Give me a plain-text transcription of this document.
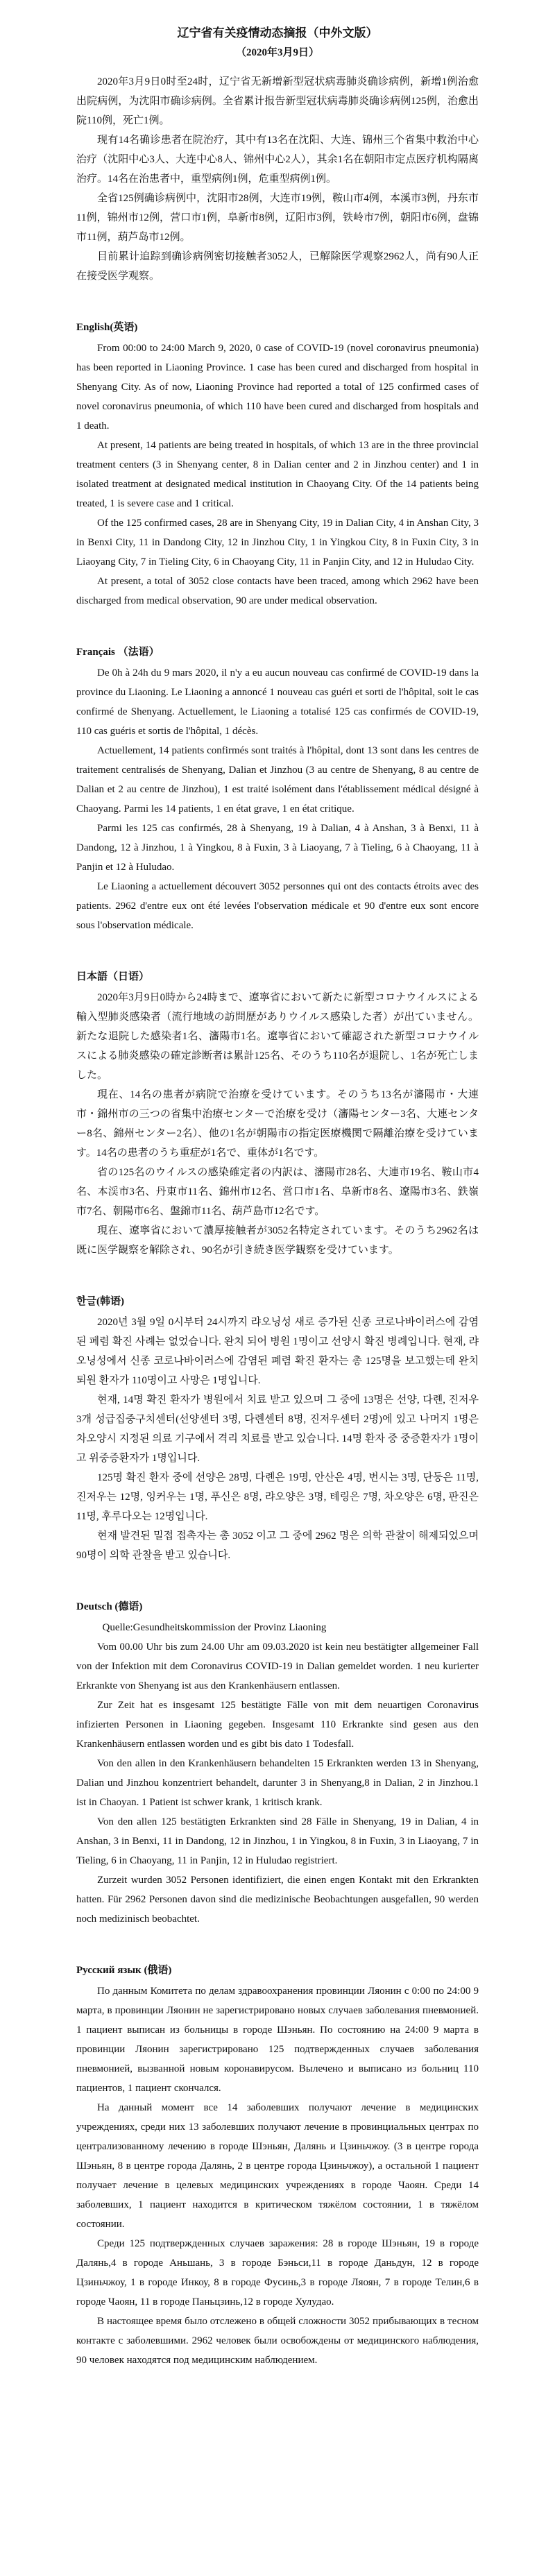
辽宁省有关疫情动态摘报（中外文版）
（2020年3月9日）

2020年3月9日0时至24时，辽宁省无新增新型冠状病毒肺炎确诊病例，新增1例治愈出院病例，为沈阳市确诊病例。全省累计报告新型冠状病毒肺炎确诊病例125例，治愈出院110例，死亡1例。

现有14名确诊患者在院治疗，其中有13名在沈阳、大连、锦州三个省集中救治中心治疗（沈阳中心3人、大连中心8人、锦州中心2人），其余1名在朝阳市定点医疗机构隔离治疗。14名在治患者中，重型病例1例，危重型病例1例。

全省125例确诊病例中，沈阳市28例，大连市19例，鞍山市4例，本溪市3例，丹东市11例，锦州市12例，营口市1例，阜新市8例，辽阳市3例，铁岭市7例，朝阳市6例，盘锦市11例，葫芦岛市12例。

目前累计追踪到确诊病例密切接触者3052人，已解除医学观察2962人，尚有90人正在接受医学观察。

English(英语)

From 00:00 to 24:00 March 9, 2020, 0 case of COVID-19 (novel coronavirus pneumonia) has been reported in Liaoning Province. 1 case has been cured and discharged from hospital in Shenyang City. As of now, Liaoning Province had reported a total of 125 confirmed cases of novel coronavirus pneumonia, of which 110 have been cured and discharged from hospitals and 1 death.

At present, 14 patients are being treated in hospitals, of which 13 are in the three provincial treatment centers (3 in Shenyang center, 8 in Dalian center and 2 in Jinzhou center) and 1 in isolated treatment at designated medical institution in Chaoyang City. Of the 14 patients being treated, 1 is severe case and 1 critical.

Of the 125 confirmed cases, 28 are in Shenyang City, 19 in Dalian City, 4 in Anshan City, 3 in Benxi City, 11 in Dandong City, 12 in Jinzhou City, 1 in Yingkou City, 8 in Fuxin City, 3 in Liaoyang City, 7 in Tieling City, 6 in Chaoyang City, 11 in Panjin City, and 12 in Huludao City.

At present, a total of 3052 close contacts have been traced, among which 2962 have been discharged from medical observation, 90 are under medical observation.

Français （法语）

De 0h à 24h du 9 mars 2020, il n'y a eu aucun nouveau cas confirmé de COVID-19 dans la province du Liaoning. Le Liaoning a annoncé 1 nouveau cas guéri et sorti de l'hôpital, soit le cas confirmé de Shenyang. Actuellement, le Liaoning a totalisé 125 cas confirmés de COVID-19, 110 cas guéris et sortis de l'hôpital, 1 décès.

Actuellement, 14 patients confirmés sont traités à l'hôpital, dont 13 sont dans les centres de traitement centralisés de Shenyang, Dalian et Jinzhou (3 au centre de Shenyang, 8 au centre de Dalian et 2 au centre de Jinzhou), 1 est traité isolément dans l'établissement médical désigné à Chaoyang. Parmi les 14 patients, 1 en état grave, 1 en état critique.

Parmi les 125 cas confirmés, 28 à Shenyang, 19 à Dalian, 4 à Anshan, 3 à Benxi, 11 à Dandong, 12 à Jinzhou, 1 à Yingkou, 8 à Fuxin, 3 à Liaoyang, 7 à Tieling, 6 à Chaoyang, 11 à Panjin et 12 à Huludao.

Le Liaoning a actuellement découvert 3052 personnes qui ont des contacts étroits avec des patients. 2962 d'entre eux ont été levées l'observation médicale et 90 d'entre eux sont encore sous l'observation médicale.

日本語（日语）

2020年3月9日0時から24時まで、遼寧省において新たに新型コロナウイルスによる輸入型肺炎感染者（流行地域の訪問歴がありウイルス感染した者）が出ていません。新たな退院した感染者1名、瀋陽市1名。遼寧省において確認された新型コロナウイルスによる肺炎感染の確定診断者は累計125名、そのうち110名が退院し、1名が死亡しました。

現在、14名の患者が病院で治療を受けています。そのうち13名が瀋陽市・大連市・錦州市の三つの省集中治療センターで治療を受け（瀋陽センター3名、大連センター8名、錦州センター2名）、他の1名が朝陽市の指定医療機関で隔離治療を受けています。14名の患者のうち重症が1名で、重体が1名です。

省の125名のウイルスの感染確定者の内訳は、瀋陽市28名、大連市19名、鞍山市4名、本渓市3名、丹東市11名、錦州市12名、営口市1名、阜新市8名、遼陽市3名、鉄嶺市7名、朝陽市6名、盤錦市11名、葫芦島市12名です。

現在、遼寧省において濃厚接触者が3052名特定されています。そのうち2962名は既に医学観察を解除され、90名が引き続き医学観察を受けています。

한글(韩语)

2020년 3월 9일 0시부터 24시까지 랴오닝성 새로 증가된 신종 코로나바이러스에 감염된 폐렴 확진 사례는 없었습니다. 완치 되어 병원 1명이고 선양시 확진 병례입니다. 현재, 랴오닝성에서 신종 코로나바이러스에 감염된 폐렴 확진 환자는 총 125명을 보고했는데 완치 퇴원 환자가 110명이고 사망은 1명입니다.

현재, 14명 확진 환자가 병원에서 치료 받고 있으며 그 중에 13명은 선양, 다롄, 진저우 3개 성급집중구치센터(선양센터 3명, 다롄센터 8명, 진저우센터 2명)에 있고 나머지 1명은 차오양시 지정된 의료 기구에서 격리 치료를 받고 있습니다. 14명 환자 중 중증환자가 1명이고 위중증환자가 1명입니다.

125명 확진 환자 중에 선양은 28명, 다롄은 19명, 안산은 4명, 번시는 3명, 단둥은 11명, 진저우는 12명, 잉커우는 1명, 푸신은 8명, 랴오양은 3명, 톄링은 7명, 차오양은 6명, 판진은 11명, 후루다오는 12명입니다.

현재 발견된 밀접 접촉자는 총 3052 이고 그 중에 2962 명은 의학 관찰이 해제되었으며 90명이 의학 관찰을 받고 있습니다.

Deutsch (德语)
Quelle:Gesundheitskommission der Provinz Liaoning

Vom 00.00 Uhr bis zum 24.00 Uhr am 09.03.2020 ist kein neu bestätigter allgemeiner Fall von der Infektion mit dem Coronavirus COVID-19 in Dalian gemeldet worden. 1 neu kurierter Erkrankte von Shenyang ist aus den Krankenhäusern entlassen.

Zur Zeit hat es insgesamt 125 bestätigte Fälle von mit dem neuartigen Coronavirus infizierten Personen in Liaoning gegeben. Insgesamt 110 Erkrankte sind gesen aus den Krankenhäusern entlassen worden und es gibt bis dato 1 Todesfall.

Von den allen in den Krankenhäusern behandelten 15 Erkrankten werden 13 in Shenyang, Dalian und Jinzhou konzentriert behandelt, darunter 3 in Shenyang,8 in Dalian, 2 in Jinzhou.1 ist in Chaoyan. 1 Patient ist schwer krank, 1 kritisch krank.

Von den allen 125 bestätigten Erkrankten sind 28 Fälle in Shenyang, 19 in Dalian, 4 in Anshan, 3 in Benxi, 11 in Dandong, 12 in Jinzhou, 1 in Yingkou, 8 in Fuxin, 3 in Liaoyang, 7 in Tieling, 6 in Chaoyang, 11 in Panjin, 12 in Huludao registriert.

Zurzeit wurden 3052 Personen identifiziert, die einen engen Kontakt mit den Erkrankten hatten. Für 2962 Personen davon sind die medizinische Beobachtungen ausgefallen, 90 werden noch medizinisch beobachtet.

Русский язык (俄语)

По данным Комитета по делам здравоохранения провинции Ляонин с 0:00 по 24:00 9 марта, в провинции Ляонин не зарегистрировано новых случаев заболевания пневмонией. 1 пациент выписан из больницы в городе Шэньян. По состоянию на 24:00 9 марта в провинции Ляонин зарегистрировано 125 подтвержденных случаев заболевания пневмонией, вызванной новым коронавирусом. Вылечено и выписано из больниц 110 пациентов, 1 пациент скончался.

На данный момент все 14 заболевших получают лечение в медицинских учреждениях, среди них 13 заболевших получают лечение в провинциальных центрах по централизованному лечению в городе Шэньян, Далянь и Цзиньчжоу. (3 в центре города Шэньян, 8 в центре города Далянь, 2 в центре города Цзиньчжоу), а остальной 1 пациент получает лечение в целевых медицинских учреждениях в городе Чаоян. Среди 14 заболевших, 1 пациент находится в критическом тяжёлом состоянии, 1 в тяжёлом состоянии.

Среди 125 подтвержденных случаев заражения: 28 в городе Шэньян, 19 в городе Далянь,4 в городе Аньшань, 3 в городе Бэньси,11 в городе Даньдун, 12 в городе Цзиньчжоу, 1 в городе Инкоу, 8 в городе Фусинь,3 в городе Ляоян, 7 в городе Телин,6 в городе Чаоян, 11 в городе Паньцзинь,12 в городе Хулудао.

В настоящее время было отслежено в общей сложности 3052 прибывающих в тесном контакте с заболевшими. 2962 человек были освобождены от медицинского наблюдения, 90 человек находятся под медицинским наблюдением.
